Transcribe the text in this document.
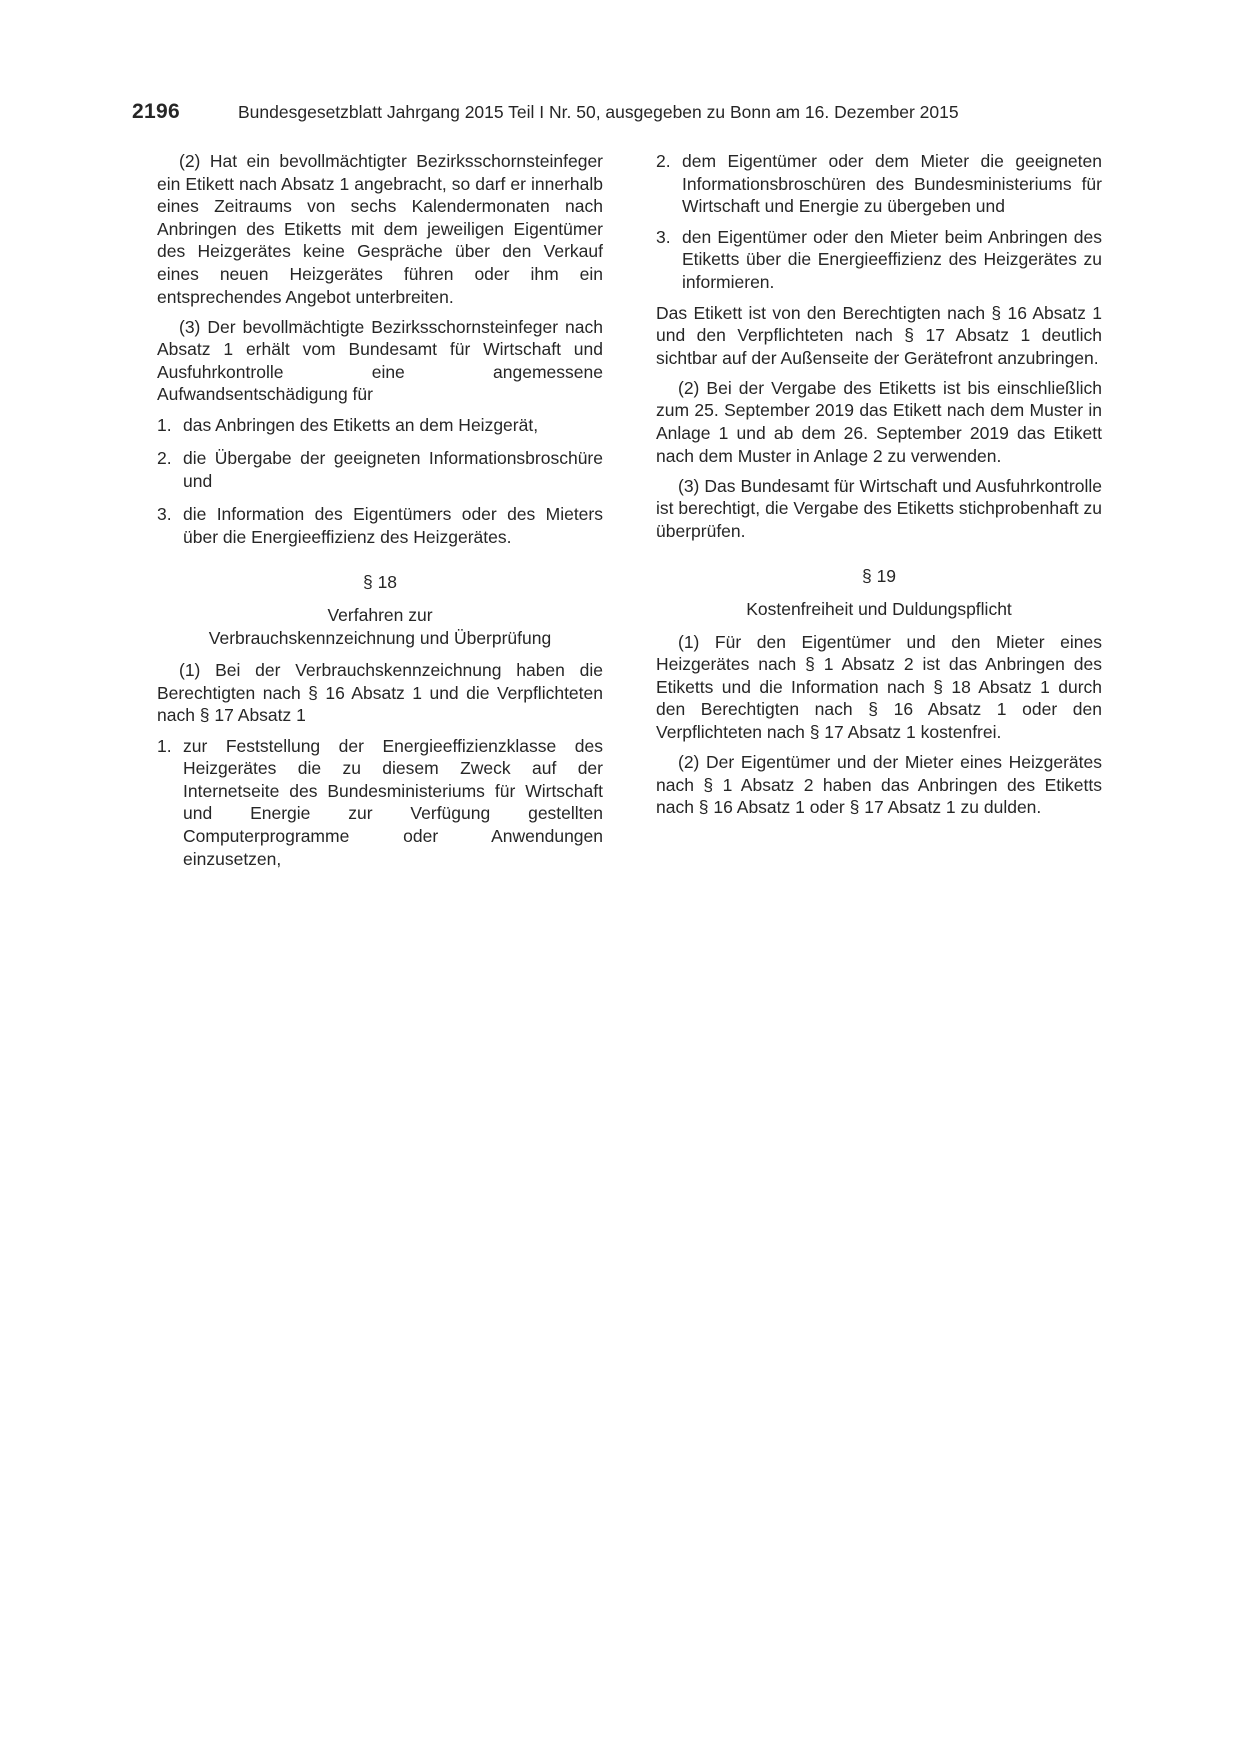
2196	Bundesgesetzblatt Jahrgang 2015 Teil I Nr. 50, ausgegeben zu Bonn am 16. Dezember 2015

(2) Hat ein bevollmächtigter Bezirksschornsteinfeger ein Etikett nach Absatz 1 angebracht, so darf er innerhalb eines Zeitraums von sechs Kalendermonaten nach Anbringen des Etiketts mit dem jeweiligen Eigentümer des Heizgerätes keine Gespräche über den Verkauf eines neuen Heizgerätes führen oder ihm ein entsprechendes Angebot unterbreiten.

(3) Der bevollmächtigte Bezirksschornsteinfeger nach Absatz 1 erhält vom Bundesamt für Wirtschaft und Ausfuhrkontrolle eine angemessene Aufwandsentschädigung für

1. das Anbringen des Etiketts an dem Heizgerät,
2. die Übergabe der geeigneten Informationsbroschüre und
3. die Information des Eigentümers oder des Mieters über die Energieeffizienz des Heizgerätes.

§ 18

Verfahren zur
Verbrauchskennzeichnung und Überprüfung

(1) Bei der Verbrauchskennzeichnung haben die Berechtigten nach § 16 Absatz 1 und die Verpflichteten nach § 17 Absatz 1

1. zur Feststellung der Energieeffizienzklasse des Heizgerätes die zu diesem Zweck auf der Internetseite des Bundesministeriums für Wirtschaft und Energie zur Verfügung gestellten Computerprogramme oder Anwendungen einzusetzen,
2. dem Eigentümer oder dem Mieter die geeigneten Informationsbroschüren des Bundesministeriums für Wirtschaft und Energie zu übergeben und
3. den Eigentümer oder den Mieter beim Anbringen des Etiketts über die Energieeffizienz des Heizgerätes zu informieren.

Das Etikett ist von den Berechtigten nach § 16 Absatz 1 und den Verpflichteten nach § 17 Absatz 1 deutlich sichtbar auf der Außenseite der Gerätefront anzubringen.

(2) Bei der Vergabe des Etiketts ist bis einschließlich zum 25. September 2019 das Etikett nach dem Muster in Anlage 1 und ab dem 26. September 2019 das Etikett nach dem Muster in Anlage 2 zu verwenden.

(3) Das Bundesamt für Wirtschaft und Ausfuhrkontrolle ist berechtigt, die Vergabe des Etiketts stichprobenhaft zu überprüfen.

§ 19

Kostenfreiheit und Duldungspflicht

(1) Für den Eigentümer und den Mieter eines Heizgerätes nach § 1 Absatz 2 ist das Anbringen des Etiketts und die Information nach § 18 Absatz 1 durch den Berechtigten nach § 16 Absatz 1 oder den Verpflichteten nach § 17 Absatz 1 kostenfrei.

(2) Der Eigentümer und der Mieter eines Heizgerätes nach § 1 Absatz 2 haben das Anbringen des Etiketts nach § 16 Absatz 1 oder § 17 Absatz 1 zu dulden.
